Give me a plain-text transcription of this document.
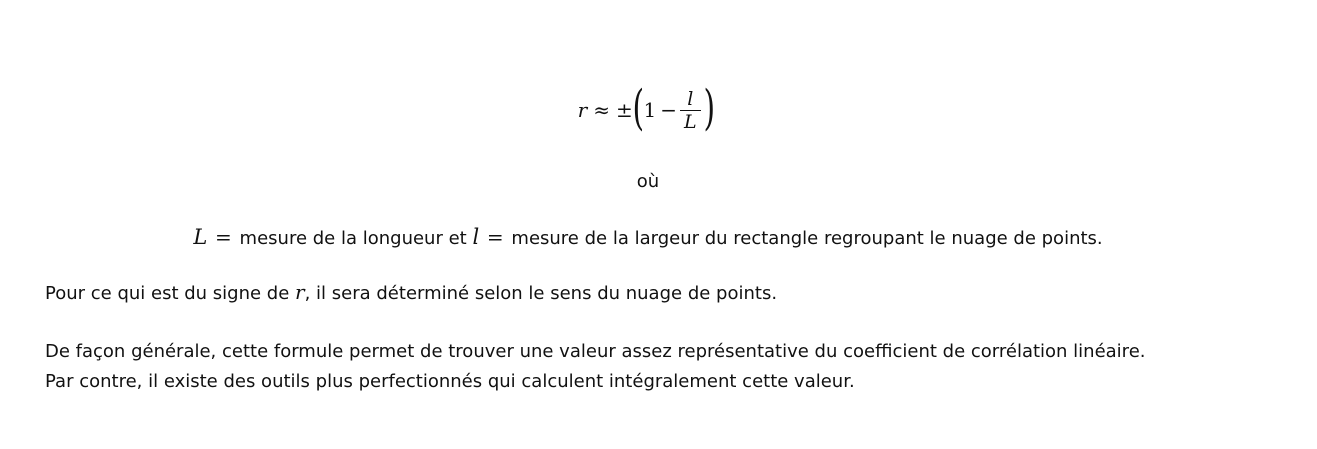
r ≈ ± ( $1 - \frac{l}{L}$ )
où
L = mesure de la longueur et l = mesure de la largeur du rectangle regroupant le nuage de points.
Pour ce qui est du signe de r, il sera déterminé selon le sens du nuage de points.
De façon générale, cette formule permet de trouver une valeur assez représentative du coefficient de corrélation linéaire.
Par contre, il existe des outils plus perfectionnés qui calculent intégralement cette valeur.
